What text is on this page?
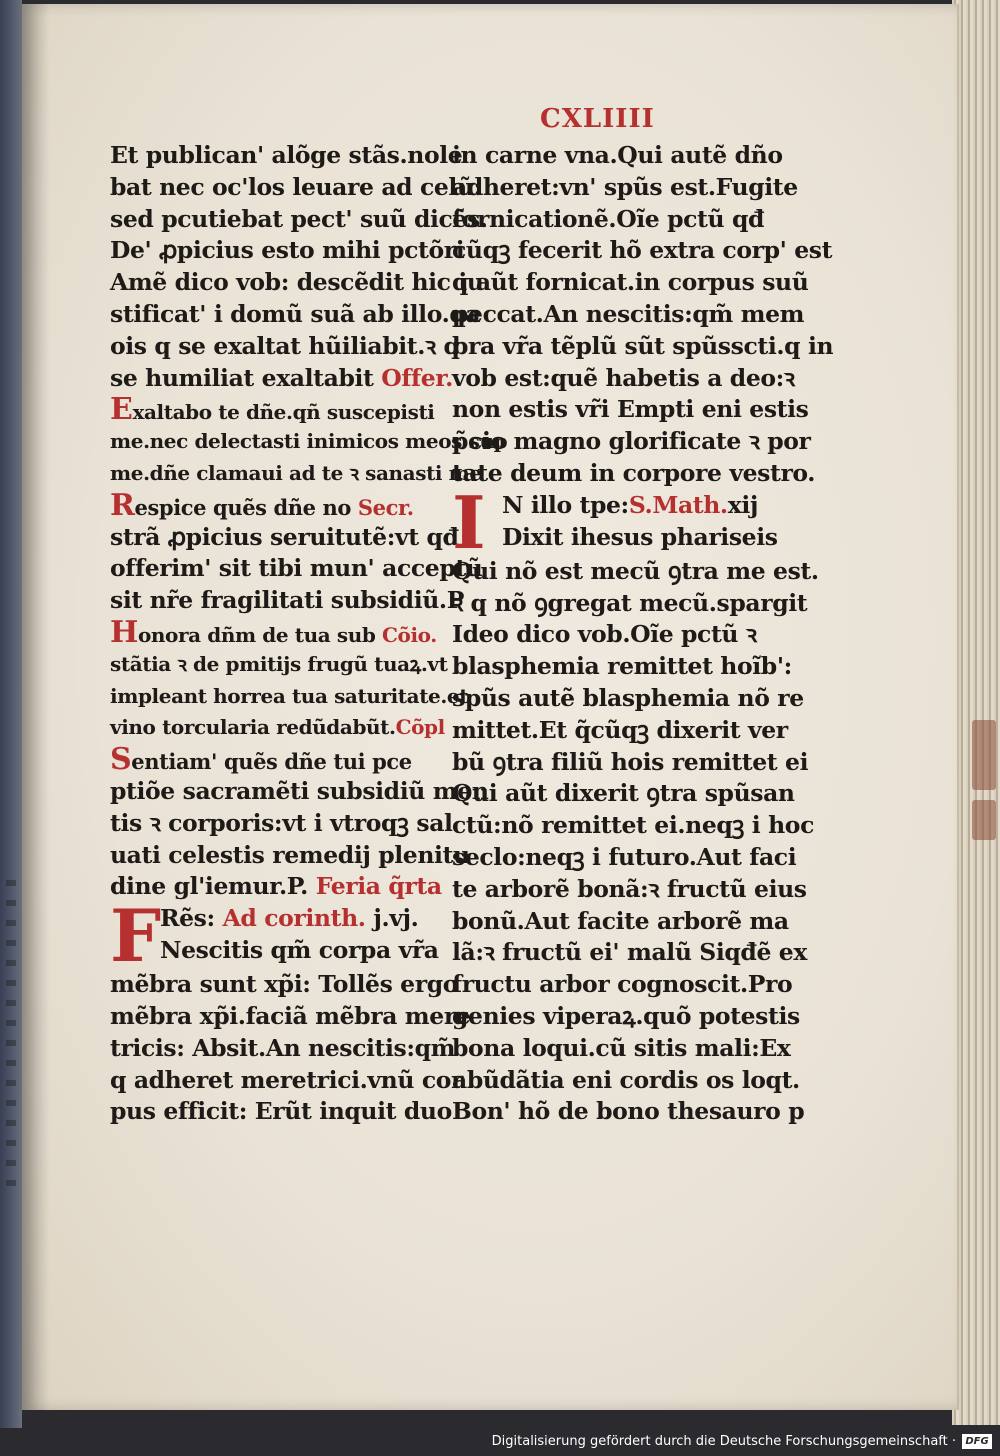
CXLIIII
Et publican' alõge stãs.nole
bat nec oc'los leuare ad celũ:
sed pcutiebat pect' suũ dicẽs.
De' ꝓpicius esto mihi pctõri
Amẽ dico vob: descẽdit hic iu
stificat' i domũ suã ab illo.qa
ois q se exaltat hũiliabit.ꝛ q
se humiliat exaltabit Offer.
Exaltabo te dñe.qñ suscepisti
me.nec delectasti inimicos meos sup
me.dñe clamaui ad te ꝛ sanasti me
Respice quẽs dñe no Secr.
strã ꝓpicius seruitutẽ:vt qđ
offerim' sit tibi mun' acceptũ
sit nr̃e fragilitati subsidiũ.P
Honora dñm de tua sub Cõio.
stãtia ꝛ de pmitijs frugũ tuaꝝ.vt
impleant horrea tua saturitate.et
vino torcularia redũdabũt.Cõpl
Sentiam' quẽs dñe tui pce
ptiõe sacramẽti subsidiũ men
tis ꝛ corporis:vt i vtroqꝫ sal
uati celestis remedij plenitu
dine gl'iemur.P. Feria q̃rta
F Rẽs: Ad corinth. j.vj.
Nescitis qm̃ corpa vr̃a
mẽbra sunt xp̃i: Tollẽs ergo
mẽbra xp̃i.faciã mẽbra mere
tricis: Absit.An nescitis:qm̃
q adheret meretrici.vnũ cor
pus efficit: Erũt inquit duo
in carne vna.Qui autẽ dño
adheret:vn' spũs est.Fugite
fornicationẽ.Oĩe pctũ qđ
cũqꝫ fecerit hõ extra corp' est
q aũt fornicat.in corpus suũ
peccat.An nescitis:qm̃ mem
bra vr̃a tẽplũ sũt spũsscti.q in
vob est:quẽ habetis a deo:ꝛ
non estis vr̃i Empti eni estis
p̃cio magno glorificate ꝛ por
tate deum in corpore vestro.
I N illo tpe:S.Math.xij
Dixit ihesus phariseis
Qui nõ est mecũ ꝯtra me est.
ꝛ q nõ ꝯgregat mecũ.spargit
Ideo dico vob.Oĩe pctũ ꝛ
blasphemia remittet hoĩb':
spũs autẽ blasphemia nõ re
mittet.Et q̃cũqꝫ dixerit ver
bũ ꝯtra filiũ hois remittet ei
Qui aũt dixerit ꝯtra spũsan
ctũ:nõ remittet ei.neqꝫ i hoc
seclo:neqꝫ i futuro.Aut faci
te arborẽ bonã:ꝛ fructũ eius
bonũ.Aut facite arborẽ ma
lã:ꝛ fructũ ei' malũ Siqđẽ ex
fructu arbor cognoscit.Pro
genies viperaꝝ.quõ potestis
bona loqui.cũ sitis mali:Ex
abũdãtia eni cordis os loqt.
Bon' hõ de bono thesauro p
Digitalisierung gefördert durch die Deutsche Forschungsgemeinschaft · DFG
